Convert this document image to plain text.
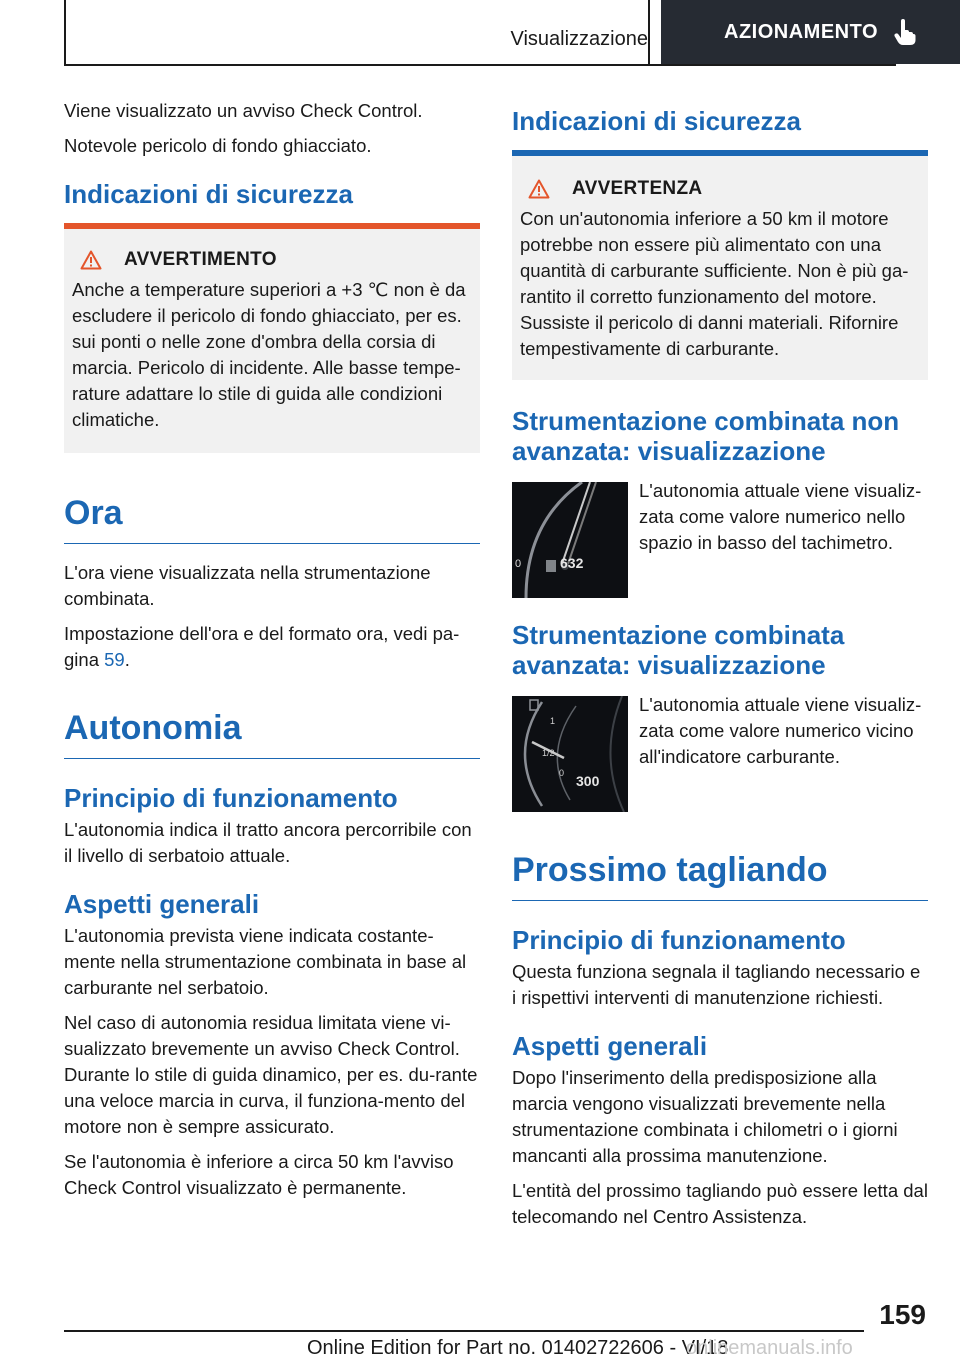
Visualizzazione	AZIONAMENTO

Viene visualizzato un avviso Check Control.

Notevole pericolo di fondo ghiacciato.

Indicazioni di sicurezza
AVVERTIMENTO

Anche a temperature superiori a +3 ℃ non è da escludere il pericolo di fondo ghiacciato, per es. sui ponti o nelle zone d'ombra della corsia di marcia. Pericolo di incidente. Alle basse tempe-rature adattare lo stile di guida alle condizioni climatiche.

Ora

L'ora viene visualizzata nella strumentazione combinata.

Impostazione dell'ora e del formato ora, vedi pa-gina 59.

Autonomia
Principio di funzionamento

L'autonomia indica il tratto ancora percorribile con il livello di serbatoio attuale.

Aspetti generali

L'autonomia prevista viene indicata costante-mente nella strumentazione combinata in base al carburante nel serbatoio.

Nel caso di autonomia residua limitata viene vi-sualizzato brevemente un avviso Check Control. Durante lo stile di guida dinamico, per es. du-rante una veloce marcia in curva, il funziona-mento del motore non è sempre assicurato.

Se l'autonomia è inferiore a circa 50 km l'avviso Check Control visualizzato è permanente.

Indicazioni di sicurezza
AVVERTENZA

Con un'autonomia inferiore a 50 km il motore potrebbe non essere più alimentato con una quantità di carburante sufficiente. Non è più ga-rantito il corretto funzionamento del motore. Sussiste il pericolo di danni materiali. Rifornire tempestivamente di carburante.

Strumentazione combinata non avanzata: visualizzazione
0	632

L'autonomia attuale viene visualiz-zata come valore numerico nello spazio in basso del tachimetro.

Strumentazione combinata avanzata: visualizzazione
1
1/2
0 300

L'autonomia attuale viene visualiz-zata come valore numerico vicino all'indicatore carburante.

Prossimo tagliando
Principio di funzionamento

Questa funziona segnala il tagliando necessario e i rispettivi interventi di manutenzione richiesti.

Aspetti generali

Dopo l'inserimento della predisposizione alla marcia vengono visualizzati brevemente nella strumentazione combinata i chilometri o i giorni mancanti alla prossima manutenzione.

L'entità del prossimo tagliando può essere letta dal telecomando nel Centro Assistenza.

159
Online Edition for Part no. 01402722606 - VI/18
onlinemanuals.info
